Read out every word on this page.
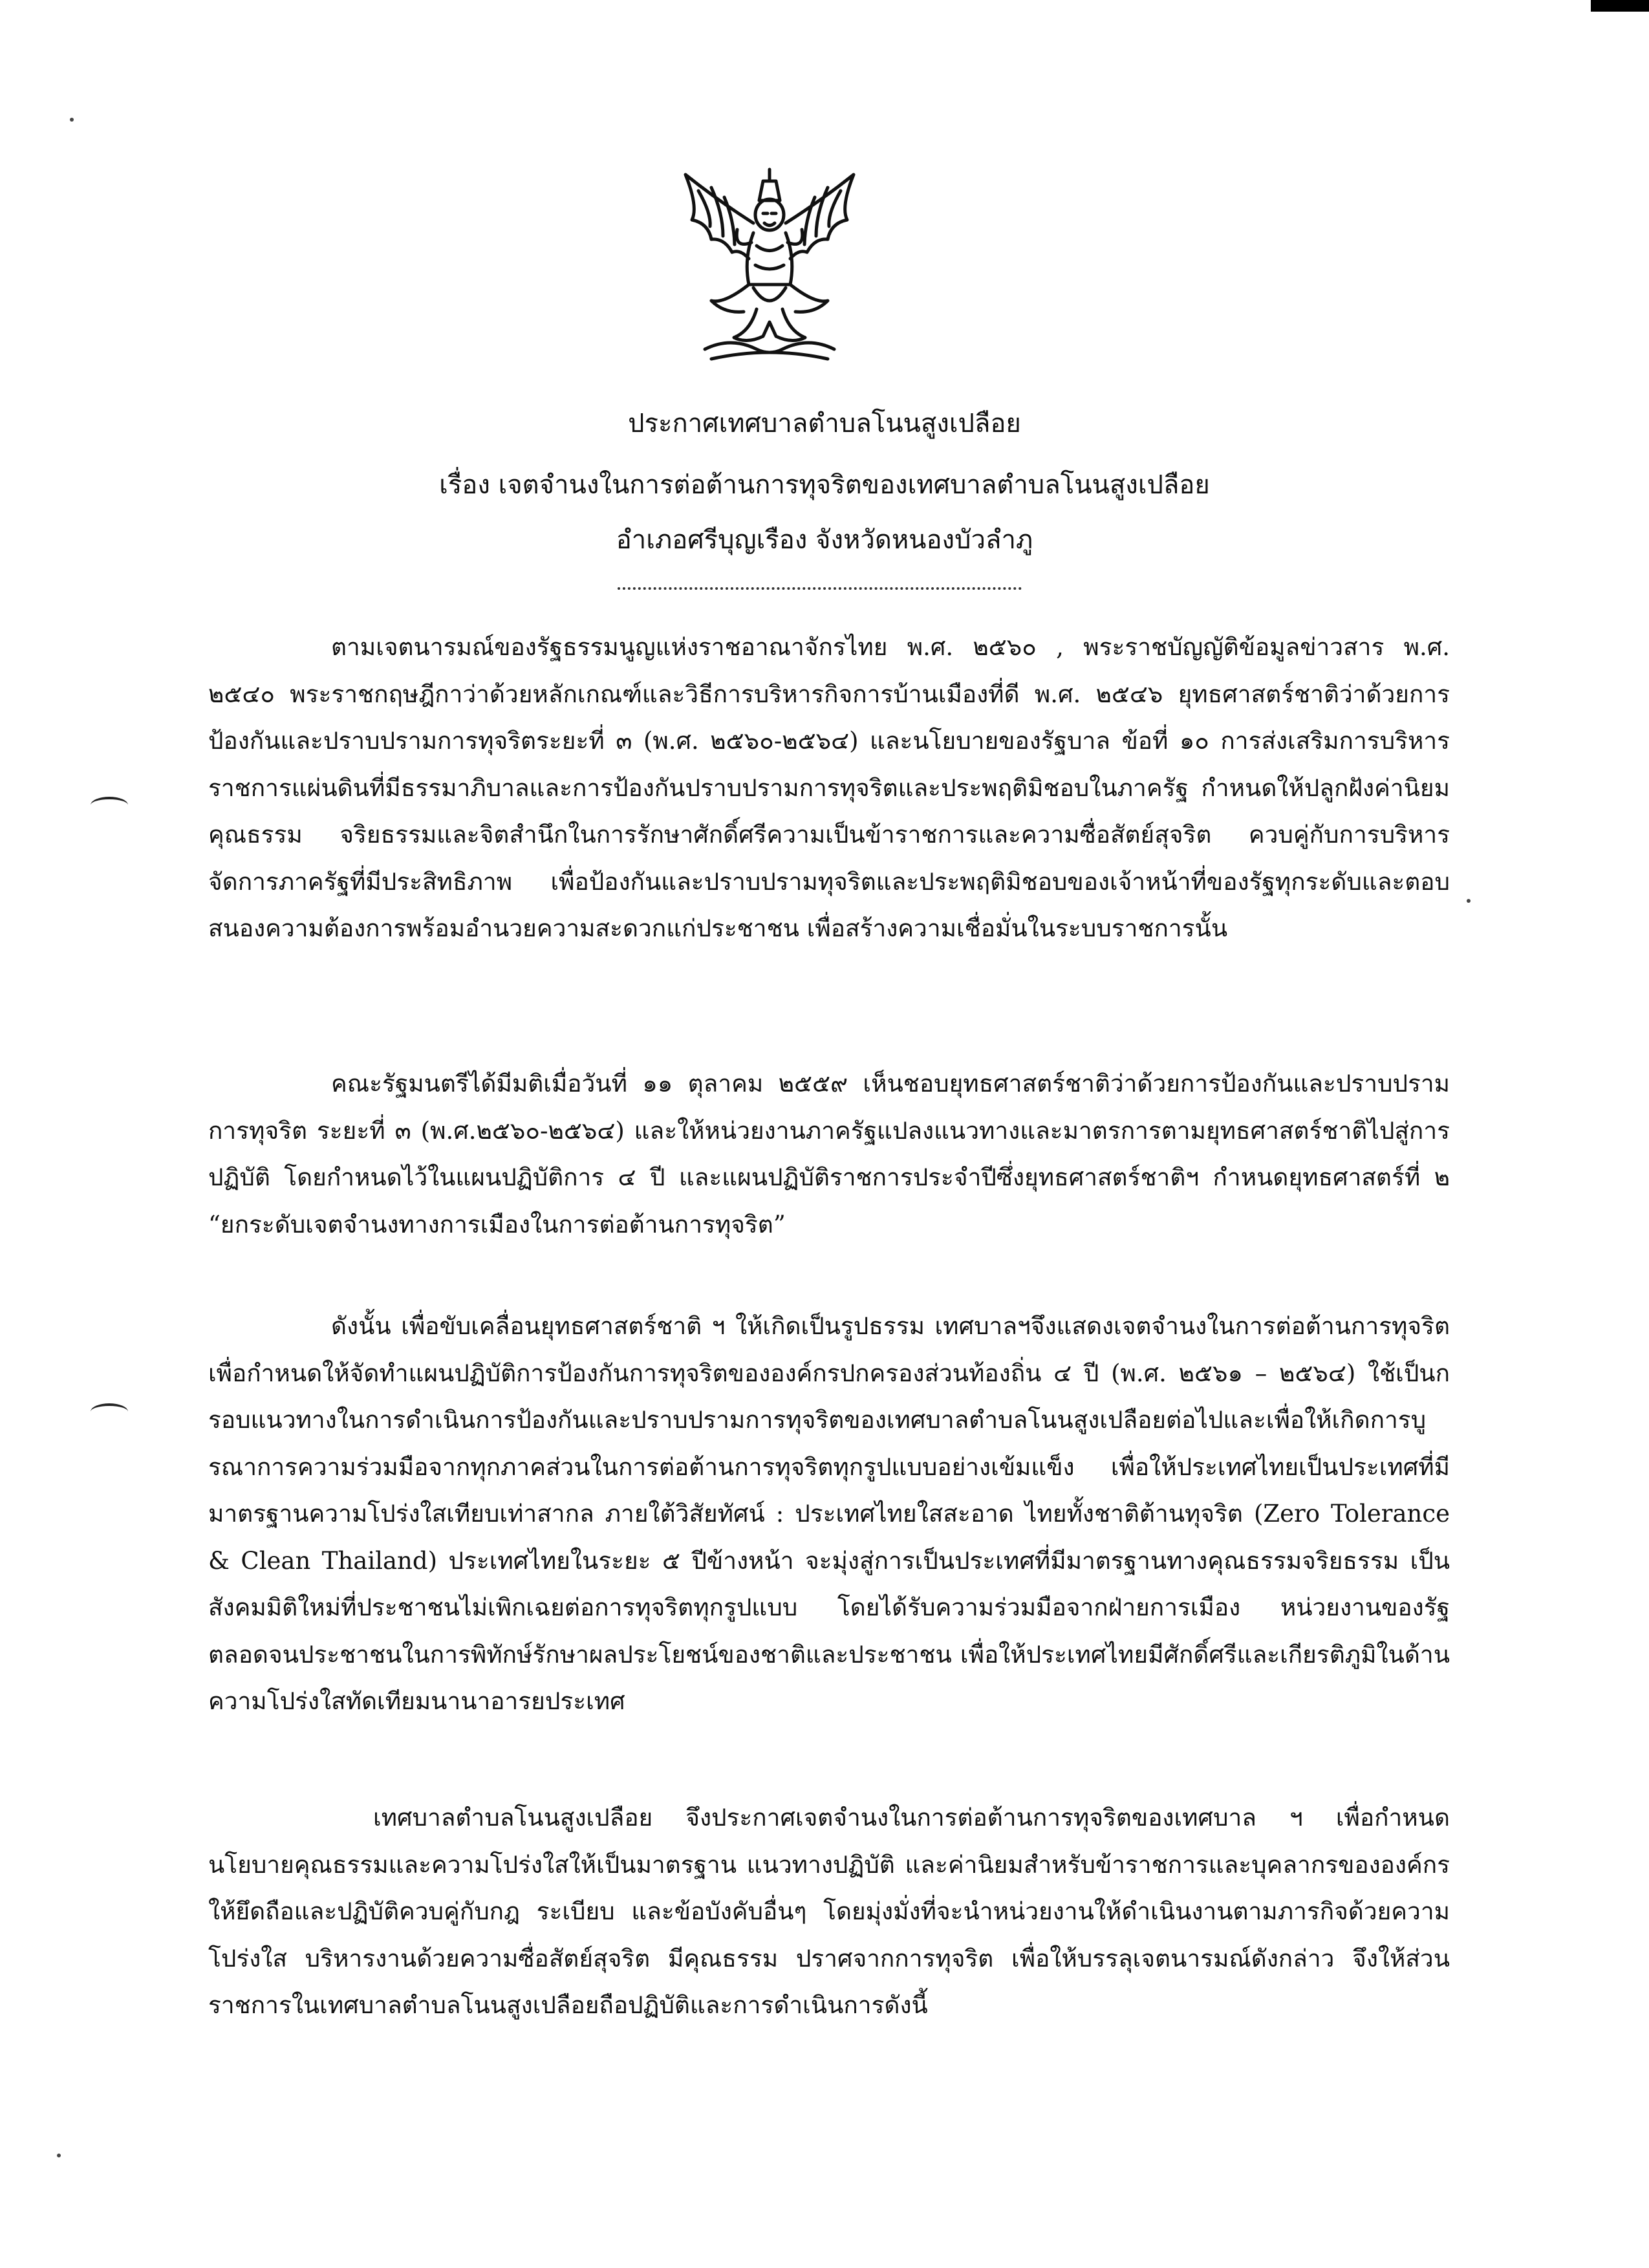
ประกาศเทศบาลตำบลโนนสูงเปลือย
เรื่อง เจตจำนงในการต่อต้านการทุจริตของเทศบาลตำบลโนนสูงเปลือย
อำเภอศรีบุญเรือง จังหวัดหนองบัวลำภู

ตามเจตนารมณ์ของรัฐธรรมนูญแห่งราชอาณาจักรไทย พ.ศ. ๒๕๖๐ , พระราชบัญญัติข้อมูลข่าวสาร พ.ศ. ๒๕๔๐ พระราชกฤษฎีกาว่าด้วยหลักเกณฑ์และวิธีการบริหารกิจการบ้านเมืองที่ดี พ.ศ. ๒๕๔๖ ยุทธศาสตร์ชาติว่าด้วยการป้องกันและปราบปรามการทุจริตระยะที่ ๓ (พ.ศ. ๒๕๖๐-๒๕๖๔) และนโยบายของรัฐบาล ข้อที่ ๑๐ การส่งเสริมการบริหารราชการแผ่นดินที่มีธรรมาภิบาลและการป้องกันปราบปรามการทุจริตและประพฤติมิชอบในภาครัฐ กำหนดให้ปลูกฝังค่านิยมคุณธรรม จริยธรรมและจิตสำนึกในการรักษาศักดิ์ศรีความเป็นข้าราชการและความซื่อสัตย์สุจริต ควบคู่กับการบริหารจัดการภาครัฐที่มีประสิทธิภาพ เพื่อป้องกันและปราบปรามทุจริตและประพฤติมิชอบของเจ้าหน้าที่ของรัฐทุกระดับและตอบสนองความต้องการพร้อมอำนวยความสะดวกแก่ประชาชน เพื่อสร้างความเชื่อมั่นในระบบราชการนั้น

คณะรัฐมนตรีได้มีมติเมื่อวันที่ ๑๑ ตุลาคม ๒๕๕๙ เห็นชอบยุทธศาสตร์ชาติว่าด้วยการป้องกันและปราบปรามการทุจริต ระยะที่ ๓ (พ.ศ.๒๕๖๐-๒๕๖๔) และให้หน่วยงานภาครัฐแปลงแนวทางและมาตรการตามยุทธศาสตร์ชาติไปสู่การปฏิบัติ โดยกำหนดไว้ในแผนปฏิบัติการ ๔ ปี และแผนปฏิบัติราชการประจำปีซึ่งยุทธศาสตร์ชาติฯ กำหนดยุทธศาสตร์ที่ ๒ “ยกระดับเจตจำนงทางการเมืองในการต่อต้านการทุจริต”

ดังนั้น เพื่อขับเคลื่อนยุทธศาสตร์ชาติ ฯ ให้เกิดเป็นรูปธรรม เทศบาลฯจึงแสดงเจตจำนงในการต่อต้านการทุจริต เพื่อกำหนดให้จัดทำแผนปฏิบัติการป้องกันการทุจริตขององค์กรปกครองส่วนท้องถิ่น ๔ ปี (พ.ศ. ๒๕๖๑ – ๒๕๖๔) ใช้เป็นกรอบแนวทางในการดำเนินการป้องกันและปราบปรามการทุจริตของเทศบาลตำบลโนนสูงเปลือยต่อไปและเพื่อให้เกิดการบูรณาการความร่วมมือจากทุกภาคส่วนในการต่อต้านการทุจริตทุกรูปแบบอย่างเข้มแข็ง เพื่อให้ประเทศไทยเป็นประเทศที่มีมาตรฐานความโปร่งใสเทียบเท่าสากล ภายใต้วิสัยทัศน์ : ประเทศไทยใสสะอาด ไทยทั้งชาติต้านทุจริต (Zero Tolerance & Clean Thailand) ประเทศไทยในระยะ ๕ ปีข้างหน้า จะมุ่งสู่การเป็นประเทศที่มีมาตรฐานทางคุณธรรมจริยธรรม เป็นสังคมมิติใหม่ที่ประชาชนไม่เพิกเฉยต่อการทุจริตทุกรูปแบบ โดยได้รับความร่วมมือจากฝ่ายการเมือง หน่วยงานของรัฐ ตลอดจนประชาชนในการพิทักษ์รักษาผลประโยชน์ของชาติและประชาชน เพื่อให้ประเทศไทยมีศักดิ์ศรีและเกียรติภูมิในด้านความโปร่งใสทัดเทียมนานาอารยประเทศ

เทศบาลตำบลโนนสูงเปลือย จึงประกาศเจตจำนงในการต่อต้านการทุจริตของเทศบาล ฯ เพื่อกำหนดนโยบายคุณธรรมและความโปร่งใสให้เป็นมาตรฐาน แนวทางปฏิบัติ และค่านิยมสำหรับข้าราชการและบุคลากรขององค์กรให้ยึดถือและปฏิบัติควบคู่กับกฎ ระเบียบ และข้อบังคับอื่นๆ โดยมุ่งมั่งที่จะนำหน่วยงานให้ดำเนินงานตามภารกิจด้วยความโปร่งใส บริหารงานด้วยความซื่อสัตย์สุจริต มีคุณธรรม ปราศจากการทุจริต เพื่อให้บรรลุเจตนารมณ์ดังกล่าว จึงให้ส่วนราชการในเทศบาลตำบลโนนสูงเปลือยถือปฏิบัติและการดำเนินการดังนี้
